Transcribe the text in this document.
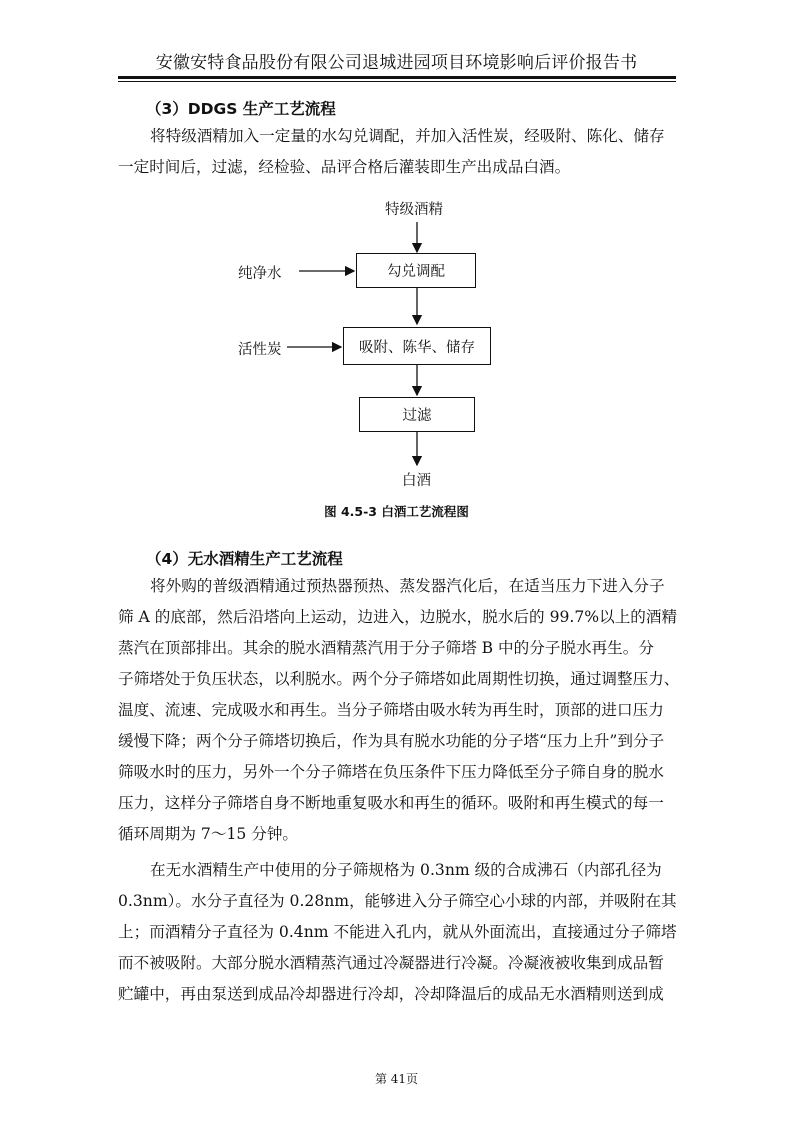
安徽安特食品股份有限公司退城进园项目环境影响后评价报告书
（3）DDGS 生产工艺流程
将特级酒精加入一定量的水勾兑调配，并加入活性炭，经吸附、陈化、储存
一定时间后，过滤，经检验、品评合格后灌装即生产出成品白酒。
特级酒精
纯净水
活性炭
勾兑调配
吸附、陈华、储存
过滤
白酒
图 4.5-3 白酒工艺流程图
（4）无水酒精生产工艺流程
将外购的普级酒精通过预热器预热、蒸发器汽化后，在适当压力下进入分子
筛 A 的底部，然后沿塔向上运动，边进入，边脱水，脱水后的 99.7%以上的酒精
蒸汽在顶部排出。其余的脱水酒精蒸汽用于分子筛塔 B 中的分子脱水再生。分
子筛塔处于负压状态，以利脱水。两个分子筛塔如此周期性切换，通过调整压力、
温度、流速、完成吸水和再生。当分子筛塔由吸水转为再生时，顶部的进口压力
缓慢下降；两个分子筛塔切换后，作为具有脱水功能的分子塔“压力上升”到分子
筛吸水时的压力，另外一个分子筛塔在负压条件下压力降低至分子筛自身的脱水
压力，这样分子筛塔自身不断地重复吸水和再生的循环。吸附和再生模式的每一
循环周期为 7～15 分钟。
在无水酒精生产中使用的分子筛规格为 0.3nm 级的合成沸石（内部孔径为
0.3nm）。水分子直径为 0.28nm，能够进入分子筛空心小球的内部，并吸附在其
上；而酒精分子直径为 0.4nm 不能进入孔内，就从外面流出，直接通过分子筛塔
而不被吸附。大部分脱水酒精蒸汽通过冷凝器进行冷凝。冷凝液被收集到成品暂
贮罐中，再由泵送到成品冷却器进行冷却，冷却降温后的成品无水酒精则送到成
第 41页
